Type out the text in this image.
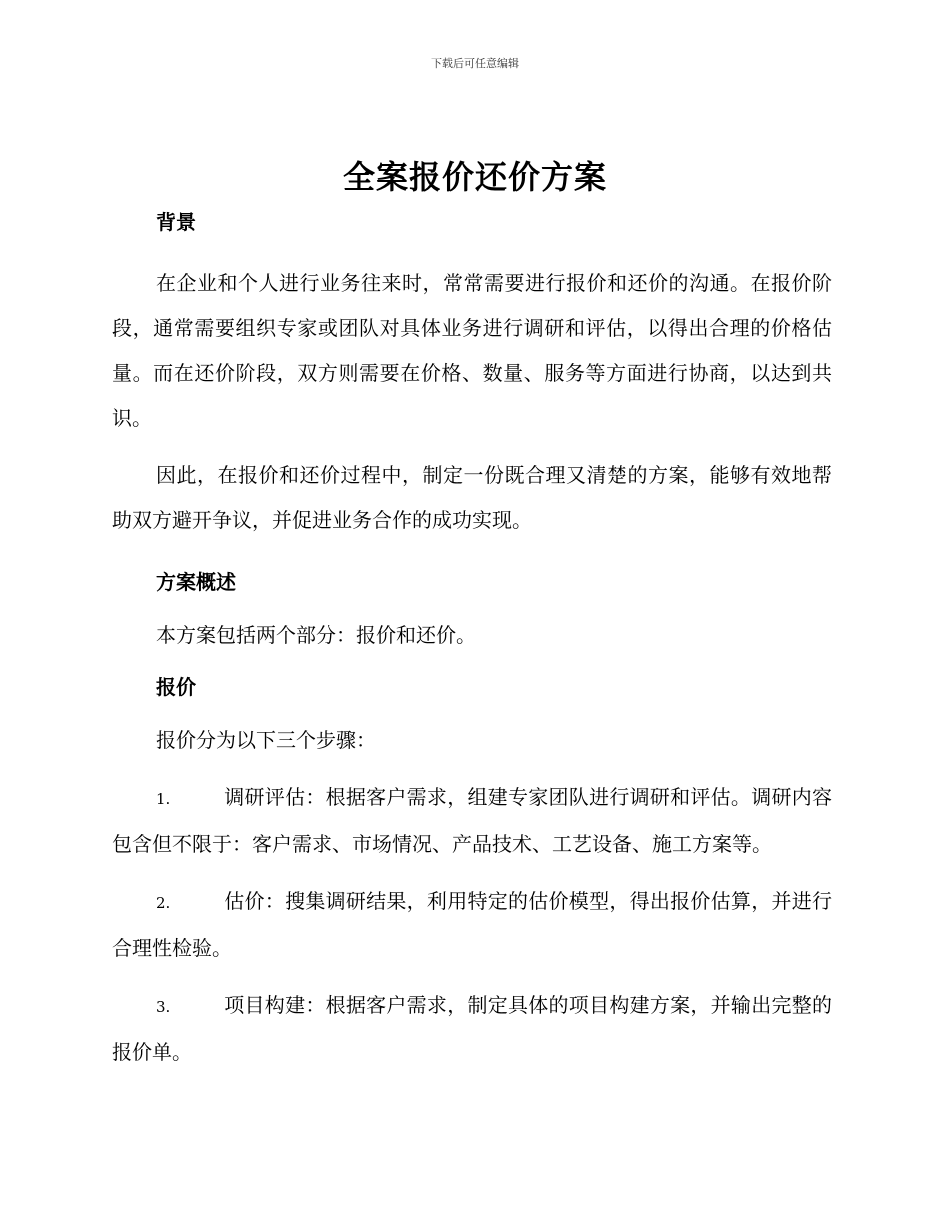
下载后可任意编辑
全案报价还价方案
背景

在企业和个人进行业务往来时，常常需要进行报价和还价的沟通。在报价阶段，通常需要组织专家或团队对具体业务进行调研和评估，以得出合理的价格估量。而在还价阶段，双方则需要在价格、数量、服务等方面进行协商，以达到共识。

因此，在报价和还价过程中，制定一份既合理又清楚的方案，能够有效地帮助双方避开争议，并促进业务合作的成功实现。

方案概述

本方案包括两个部分：报价和还价。

报价

报价分为以下三个步骤：

1.	调研评估：根据客户需求，组建专家团队进行调研和评估。调研内容包含但不限于：客户需求、市场情况、产品技术、工艺设备、施工方案等。

2.	估价：搜集调研结果，利用特定的估价模型，得出报价估算，并进行合理性检验。

3.	项目构建：根据客户需求，制定具体的项目构建方案，并输出完整的报价单。
